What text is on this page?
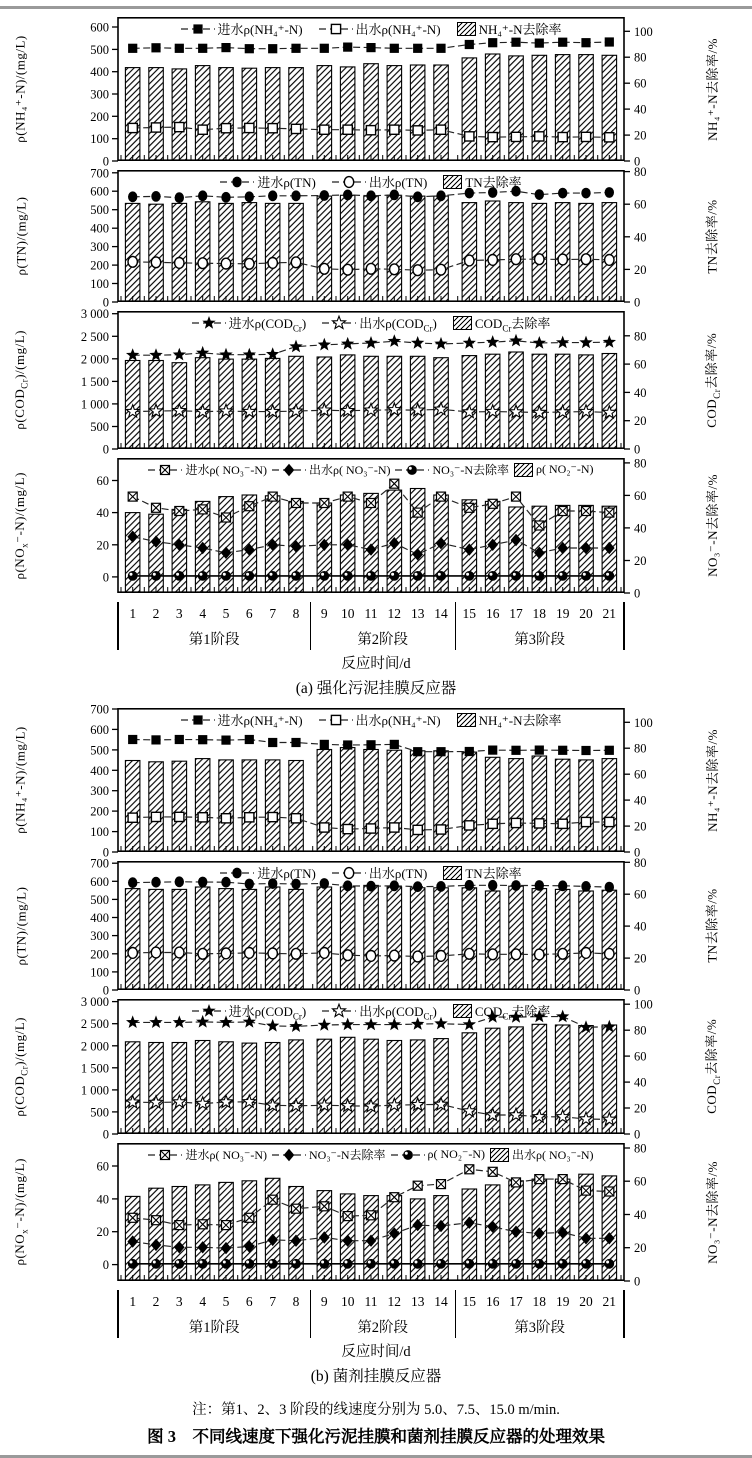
ρ(NH₄⁺-N)/(mg/L)
0
100
200
300
400
500
600
0
20
40
60
80
100
进水ρ(NH₄⁺-N)	出水ρ(NH₄⁺-N)	NH₄⁺-N去除率
NH₄⁺-N去除率/%
ρ(TN)/(mg/L)
0
100
200
300
400
500
600
700
0
20
40
60
80
进水ρ(TN)	出水ρ(TN)	TN去除率
TN去除率/%
$\rho(COD_{Cr})/(mg/L)$
0
500
1 000
1 500
2 000
2 500
3 000
0
20
40
60
80
进水$\rho(COD_{Cr})$	出水$\rho(COD_{Cr})$	$COD_{Cr}$去除率
$COD_{Cr}$去除率/%
$\rho(NO_x^--N)/(mg/L)$
0
20
40
60
0
20
40
60
80
进水ρ( NO₃⁻-N)	出水ρ( NO₃⁻-N)	NO₃⁻-N去除率 ρ( NO₂⁻-N)
NO₃⁻-N去除率/%
1 2 3 4 5 6 7 8 9 10 11 12 13 14 15 16 17 18 19 20 21
第1阶段	第2阶段	第3阶段
反应时间/d
(a) 强化污泥挂膜反应器
ρ(NH₄⁺-N)/(mg/L)
0
100
200
300
400
500
600
700
0
20
40
60
80
100
进水ρ(NH₄⁺-N)	出水ρ(NH₄⁺-N)	NH₄⁺-N去除率
NH₄⁺-N去除率/%
ρ(TN)/(mg/L)
0
100
200
300
400
500
600
700
0
20
40
60
80
进水ρ(TN)	出水ρ(TN)	TN去除率
TN去除率/%
$\rho(COD_{Cr})/(mg/L)$
0
500
1 000
1 500
2 000
2 500
3 000
0
20
40
60
80
100
进水$\rho(COD_{Cr})$	出水$\rho(COD_{Cr})$	$COD_{Cr}$去除率
$COD_{Cr}$去除率/%
$\rho(NO_x^--N)/(mg/L)$
0
20
40
60
0
20
40
60
80
进水ρ( NO₃⁻-N)	NO₃⁻-N去除率	ρ( NO₂⁻-N) 出水ρ( NO₃⁻-N)
NO₃⁻-N去除率/%
1 2 3 4 5 6 7 8 9 10 11 12 13 14 15 16 17 18 19 20 21
第1阶段	第2阶段	第3阶段
反应时间/d
(b) 菌剂挂膜反应器
注：第1、2、3 阶段的线速度分别为 5.0、7.5、15.0 m/min.
图 3　不同线速度下强化污泥挂膜和菌剂挂膜反应器的处理效果
